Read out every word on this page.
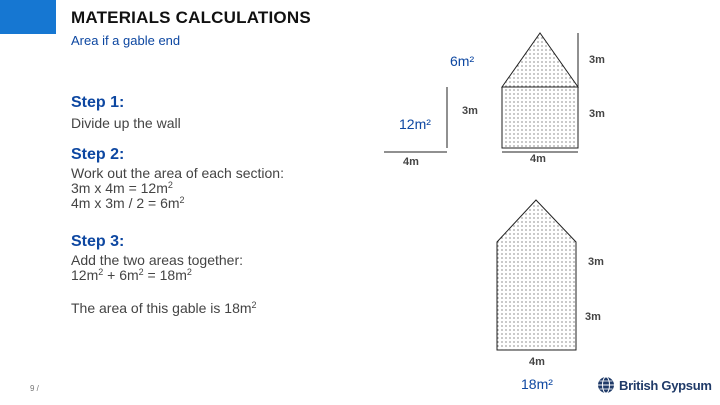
MATERIALS CALCULATIONS
Area if a gable end
Step 1:
Divide up the wall
Step 2:
Work out the area of each section:
3m x $4m = 12m^2$
4m x $3m / 2 = 6m^2$
Step 3:
Add the two areas together:
$12m^2 + 6m^2 = 18m^2$
The area of this gable is $18m^2$
6m²
12m²
3m
3m
3m
4m	4m
3m
3m
4m
18m²
9 /	British Gypsum
